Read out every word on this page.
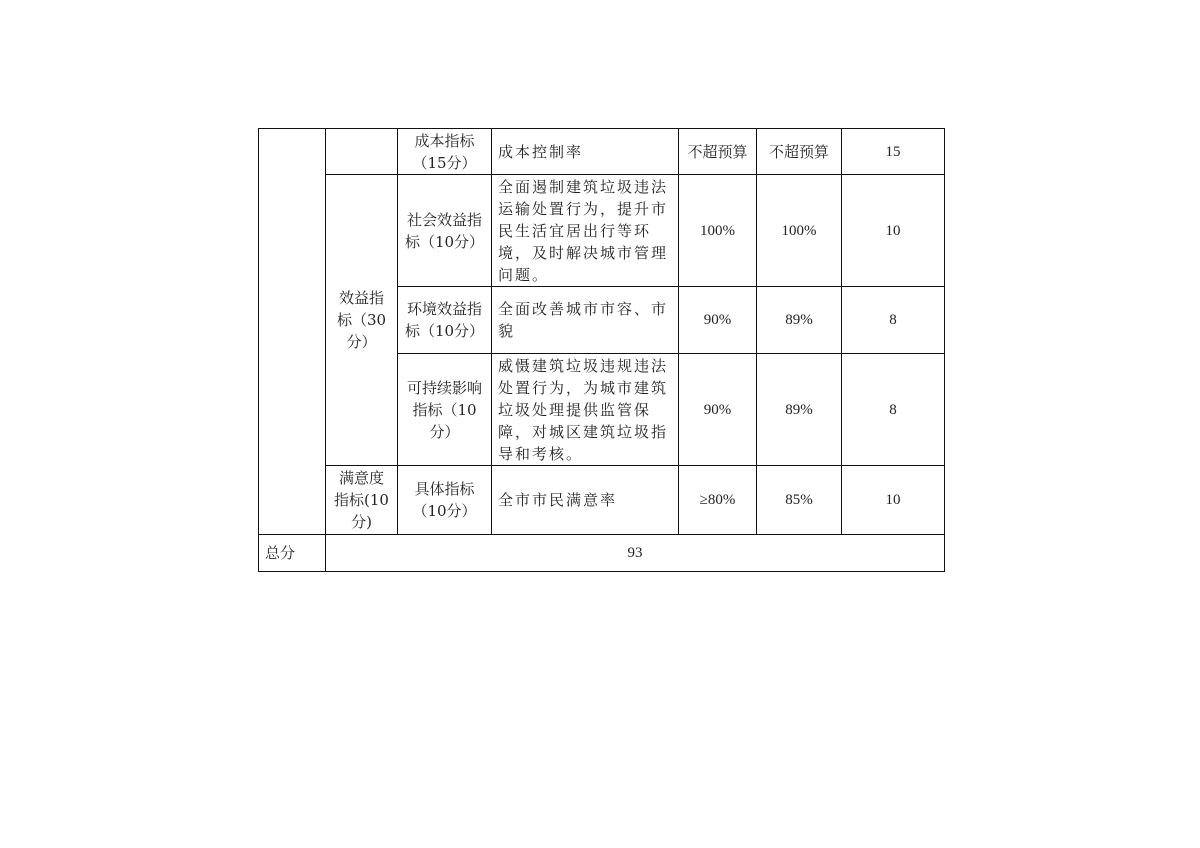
		成本指标（15分）	成本控制率	不超预算	不超预算	15
	效益指标（30分）	社会效益指标（10分）	全面遏制建筑垃圾违法运输处置行为，提升市民生活宜居出行等环境，及时解决城市管理问题。	100%	100%	10
		环境效益指标（10分）	全面改善城市市容、市貌	90%	89%	8
		可持续影响指标（10分）	威慑建筑垃圾违规违法处置行为，为城市建筑垃圾处理提供监管保障，对城区建筑垃圾指导和考核。	90%	89%	8
	满意度指标(10分)	具体指标（10分）	全市市民满意率	≥80%	85%	10
总分	93					
